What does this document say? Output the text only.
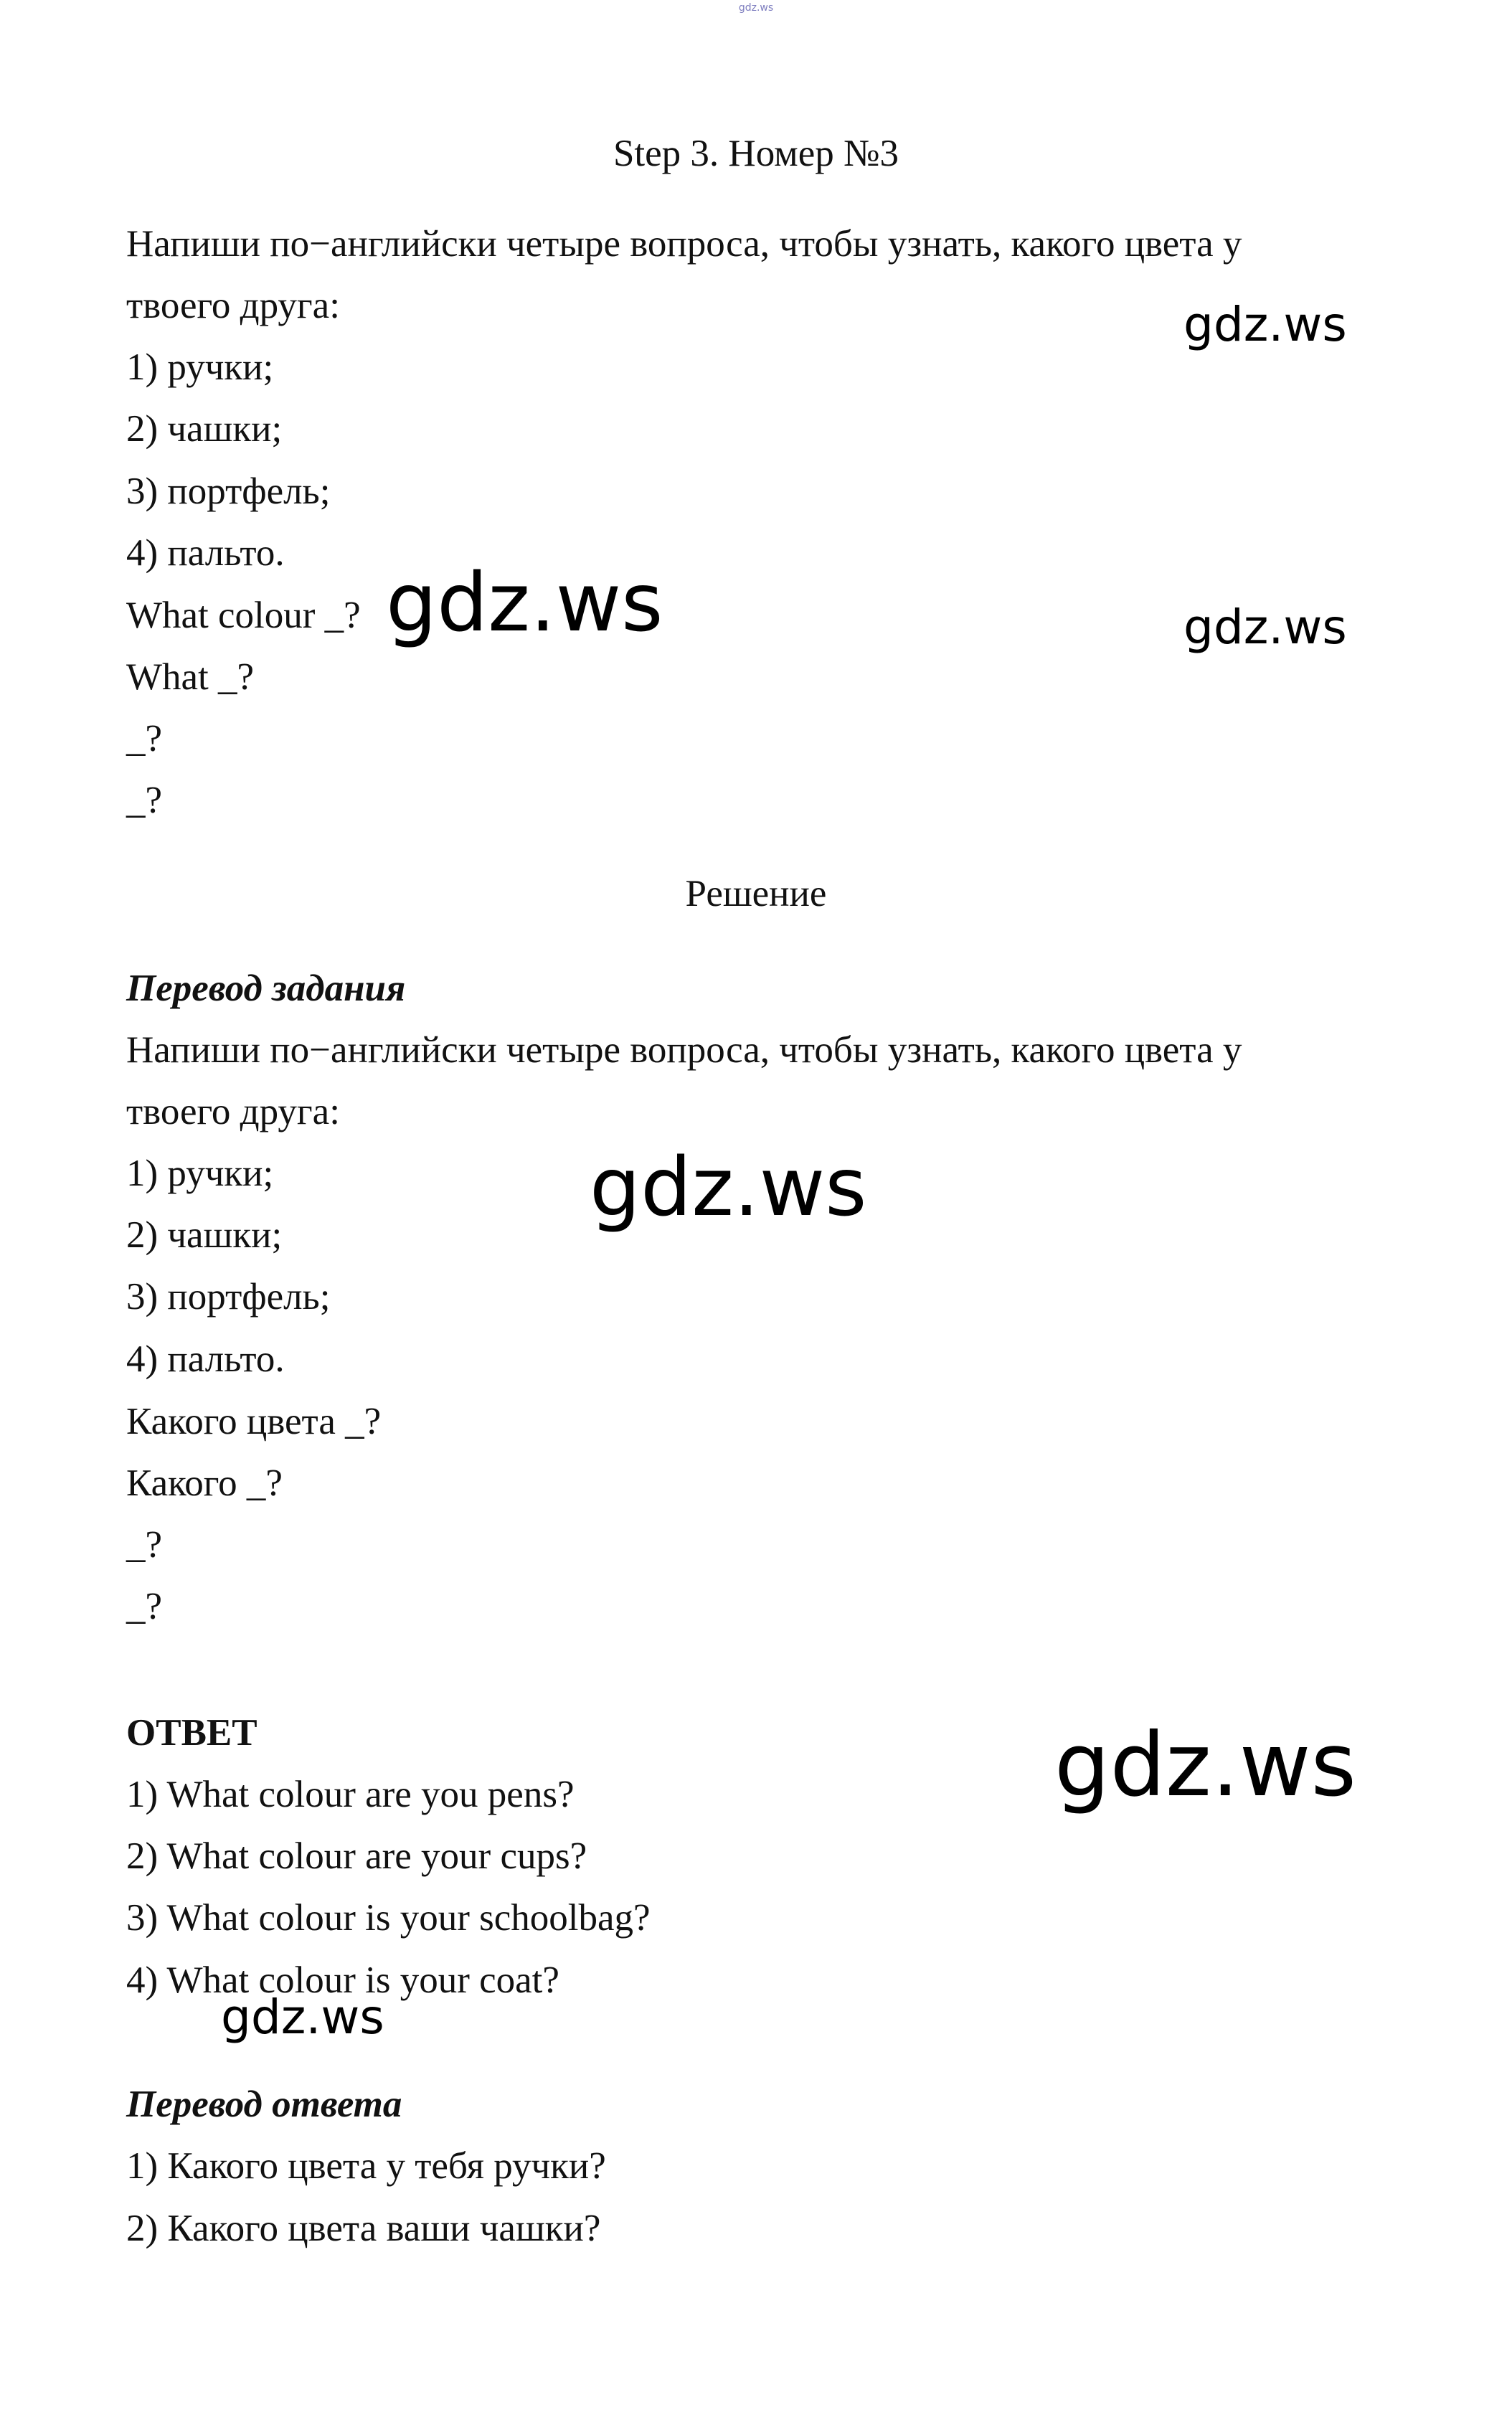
gdz.ws
Step 3. Номер №3
Напиши по−английски четыре вопроса, чтобы узнать, какого цвета у
твоего друга:
1) ручки;
2) чашки;
3) портфель;
4) пальто.
What colour _?
What _?
_?
_?
Решение
Перевод задания
Напиши по−английски четыре вопроса, чтобы узнать, какого цвета у
твоего друга:
1) ручки;
2) чашки;
3) портфель;
4) пальто.
Какого цвета _?
Какого _?
_?
_?
ОТВЕТ
1) What colour are you pens?
2) What colour are your cups?
3) What colour is your schoolbag?
4) What colour is your coat?
Перевод ответа
1) Какого цвета у тебя ручки?
2) Какого цвета ваши чашки?
gdz.ws
gdz.ws	gdz.ws
gdz.ws
gdz.ws
gdz.ws
